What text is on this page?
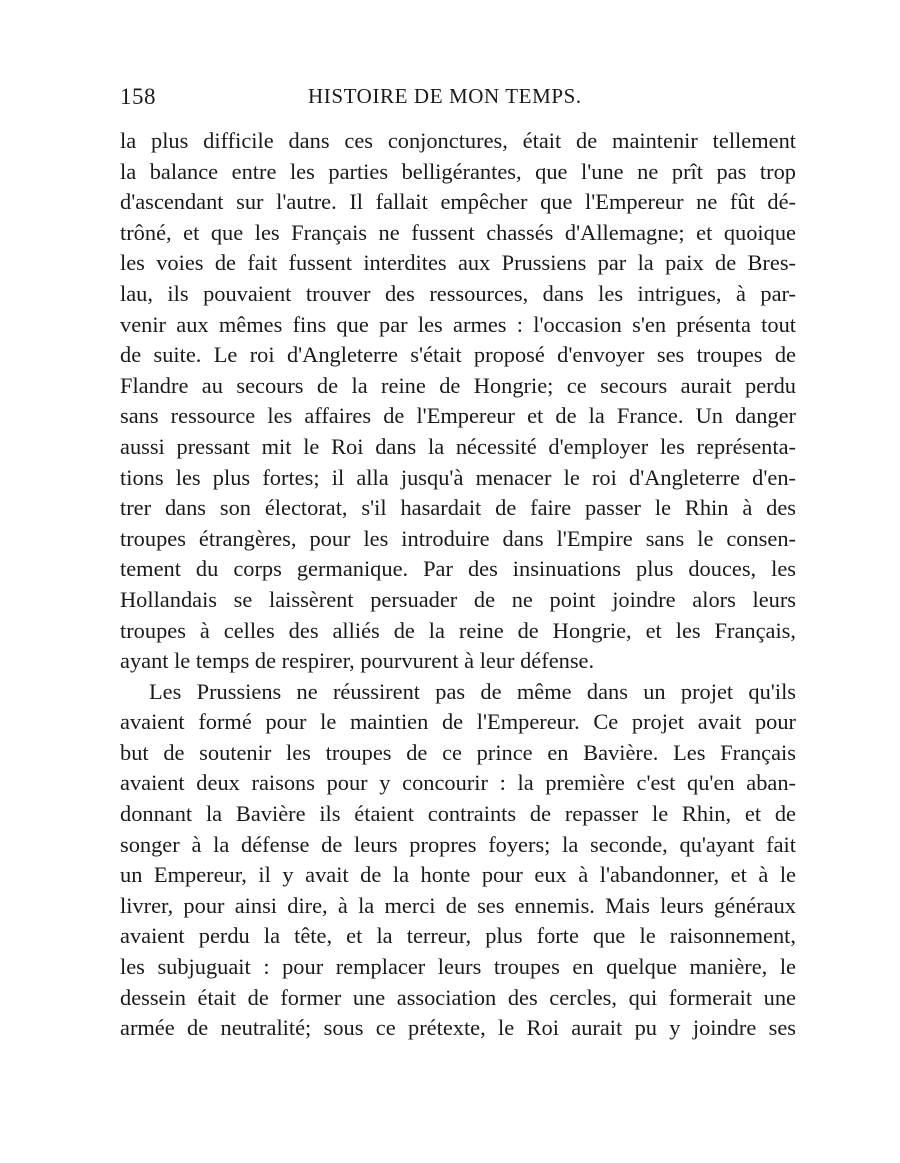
158	HISTOIRE DE MON TEMPS.
la plus difficile dans ces conjonctures, était de maintenir tellement
la balance entre les parties belligérantes, que l'une ne prît pas trop
d'ascendant sur l'autre. Il fallait empêcher que l'Empereur ne fût dé-
trôné, et que les Français ne fussent chassés d'Allemagne; et quoique
les voies de fait fussent interdites aux Prussiens par la paix de Bres-
lau, ils pouvaient trouver des ressources, dans les intrigues, à par-
venir aux mêmes fins que par les armes : l'occasion s'en présenta tout
de suite. Le roi d'Angleterre s'était proposé d'envoyer ses troupes de
Flandre au secours de la reine de Hongrie; ce secours aurait perdu
sans ressource les affaires de l'Empereur et de la France. Un danger
aussi pressant mit le Roi dans la nécessité d'employer les représenta-
tions les plus fortes; il alla jusqu'à menacer le roi d'Angleterre d'en-
trer dans son électorat, s'il hasardait de faire passer le Rhin à des
troupes étrangères, pour les introduire dans l'Empire sans le consen-
tement du corps germanique. Par des insinuations plus douces, les
Hollandais se laissèrent persuader de ne point joindre alors leurs
troupes à celles des alliés de la reine de Hongrie, et les Français,
ayant le temps de respirer, pourvurent à leur défense.
Les Prussiens ne réussirent pas de même dans un projet qu'ils
avaient formé pour le maintien de l'Empereur. Ce projet avait pour
but de soutenir les troupes de ce prince en Bavière. Les Français
avaient deux raisons pour y concourir : la première c'est qu'en aban-
donnant la Bavière ils étaient contraints de repasser le Rhin, et de
songer à la défense de leurs propres foyers; la seconde, qu'ayant fait
un Empereur, il y avait de la honte pour eux à l'abandonner, et à le
livrer, pour ainsi dire, à la merci de ses ennemis. Mais leurs généraux
avaient perdu la tête, et la terreur, plus forte que le raisonnement,
les subjuguait : pour remplacer leurs troupes en quelque manière, le
dessein était de former une association des cercles, qui formerait une
armée de neutralité; sous ce prétexte, le Roi aurait pu y joindre ses
